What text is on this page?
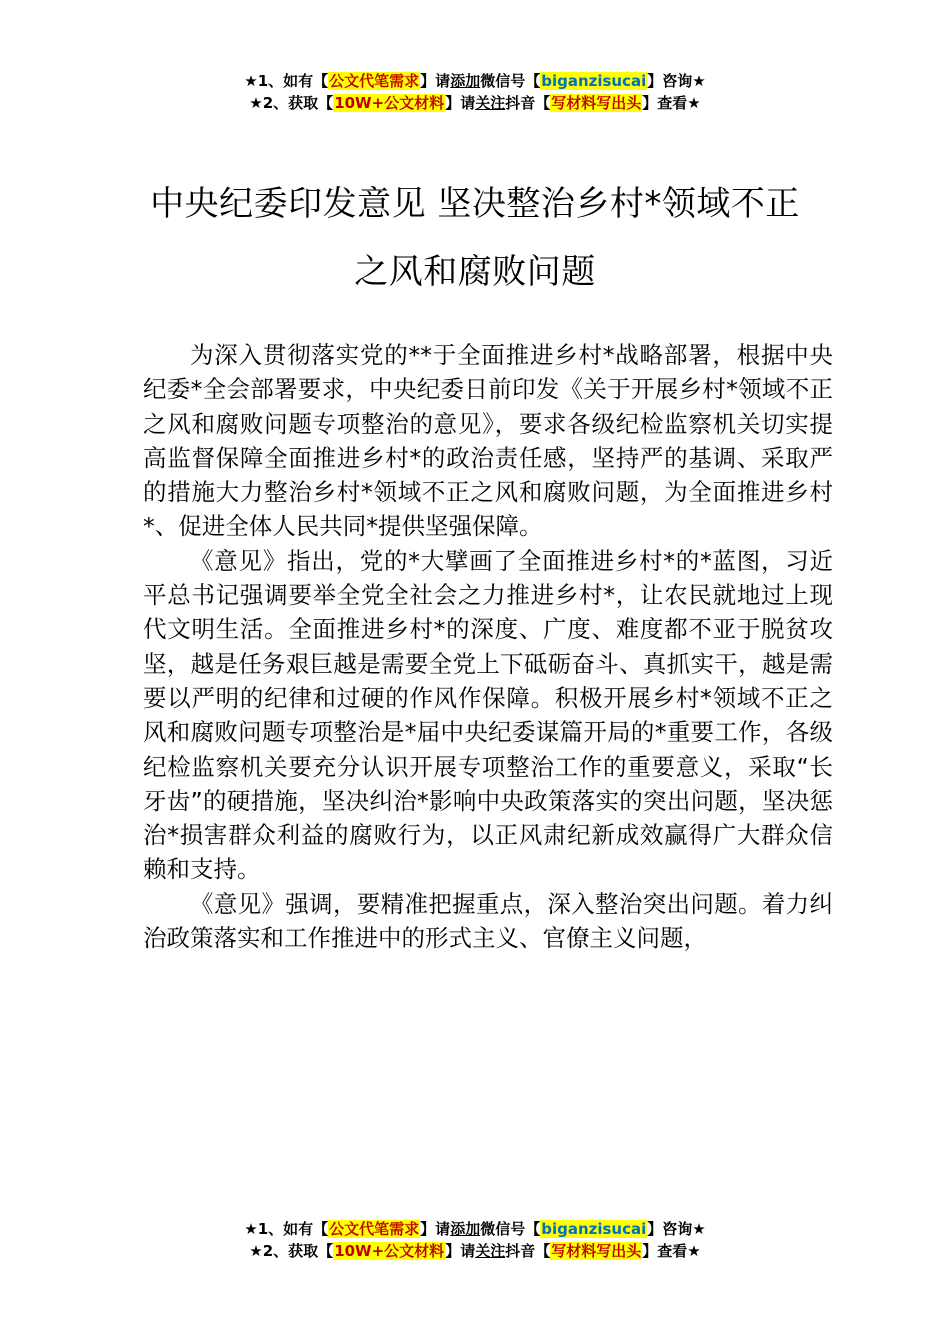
★1、如有【公文代笔需求】请添加微信号【biganzisucai】咨询★
★2、获取【10W+公文材料】请关注抖音【写材料写出头】查看★
中央纪委印发意见 坚决整治乡村*领域不正
之风和腐败问题

为深入贯彻落实党的**于全面推进乡村*战略部署，根据中央纪委*全会部署要求，中央纪委日前印发《关于开展乡村*领域不正之风和腐败问题专项整治的意见》，要求各级纪检监察机关切实提高监督保障全面推进乡村*的政治责任感，坚持严的基调、采取严的措施大力整治乡村*领域不正之风和腐败问题，为全面推进乡村*、促进全体人民共同*提供坚强保障。

《意见》指出，党的*大擘画了全面推进乡村*的*蓝图，习近平总书记强调要举全党全社会之力推进乡村*，让农民就地过上现代文明生活。全面推进乡村*的深度、广度、难度都不亚于脱贫攻坚，越是任务艰巨越是需要全党上下砥砺奋斗、真抓实干，越是需要以严明的纪律和过硬的作风作保障。积极开展乡村*领域不正之风和腐败问题专项整治是*届中央纪委谋篇开局的*重要工作，各级纪检监察机关要充分认识开展专项整治工作的重要意义，采取“长牙齿”的硬措施，坚决纠治*影响中央政策落实的突出问题，坚决惩治*损害群众利益的腐败行为，以正风肃纪新成效赢得广大群众信赖和支持。

《意见》强调，要精准把握重点，深入整治突出问题。着力纠治政策落实和工作推进中的形式主义、官僚主义问题，

★1、如有【公文代笔需求】请添加微信号【biganzisucai】咨询★
★2、获取【10W+公文材料】请关注抖音【写材料写出头】查看★
